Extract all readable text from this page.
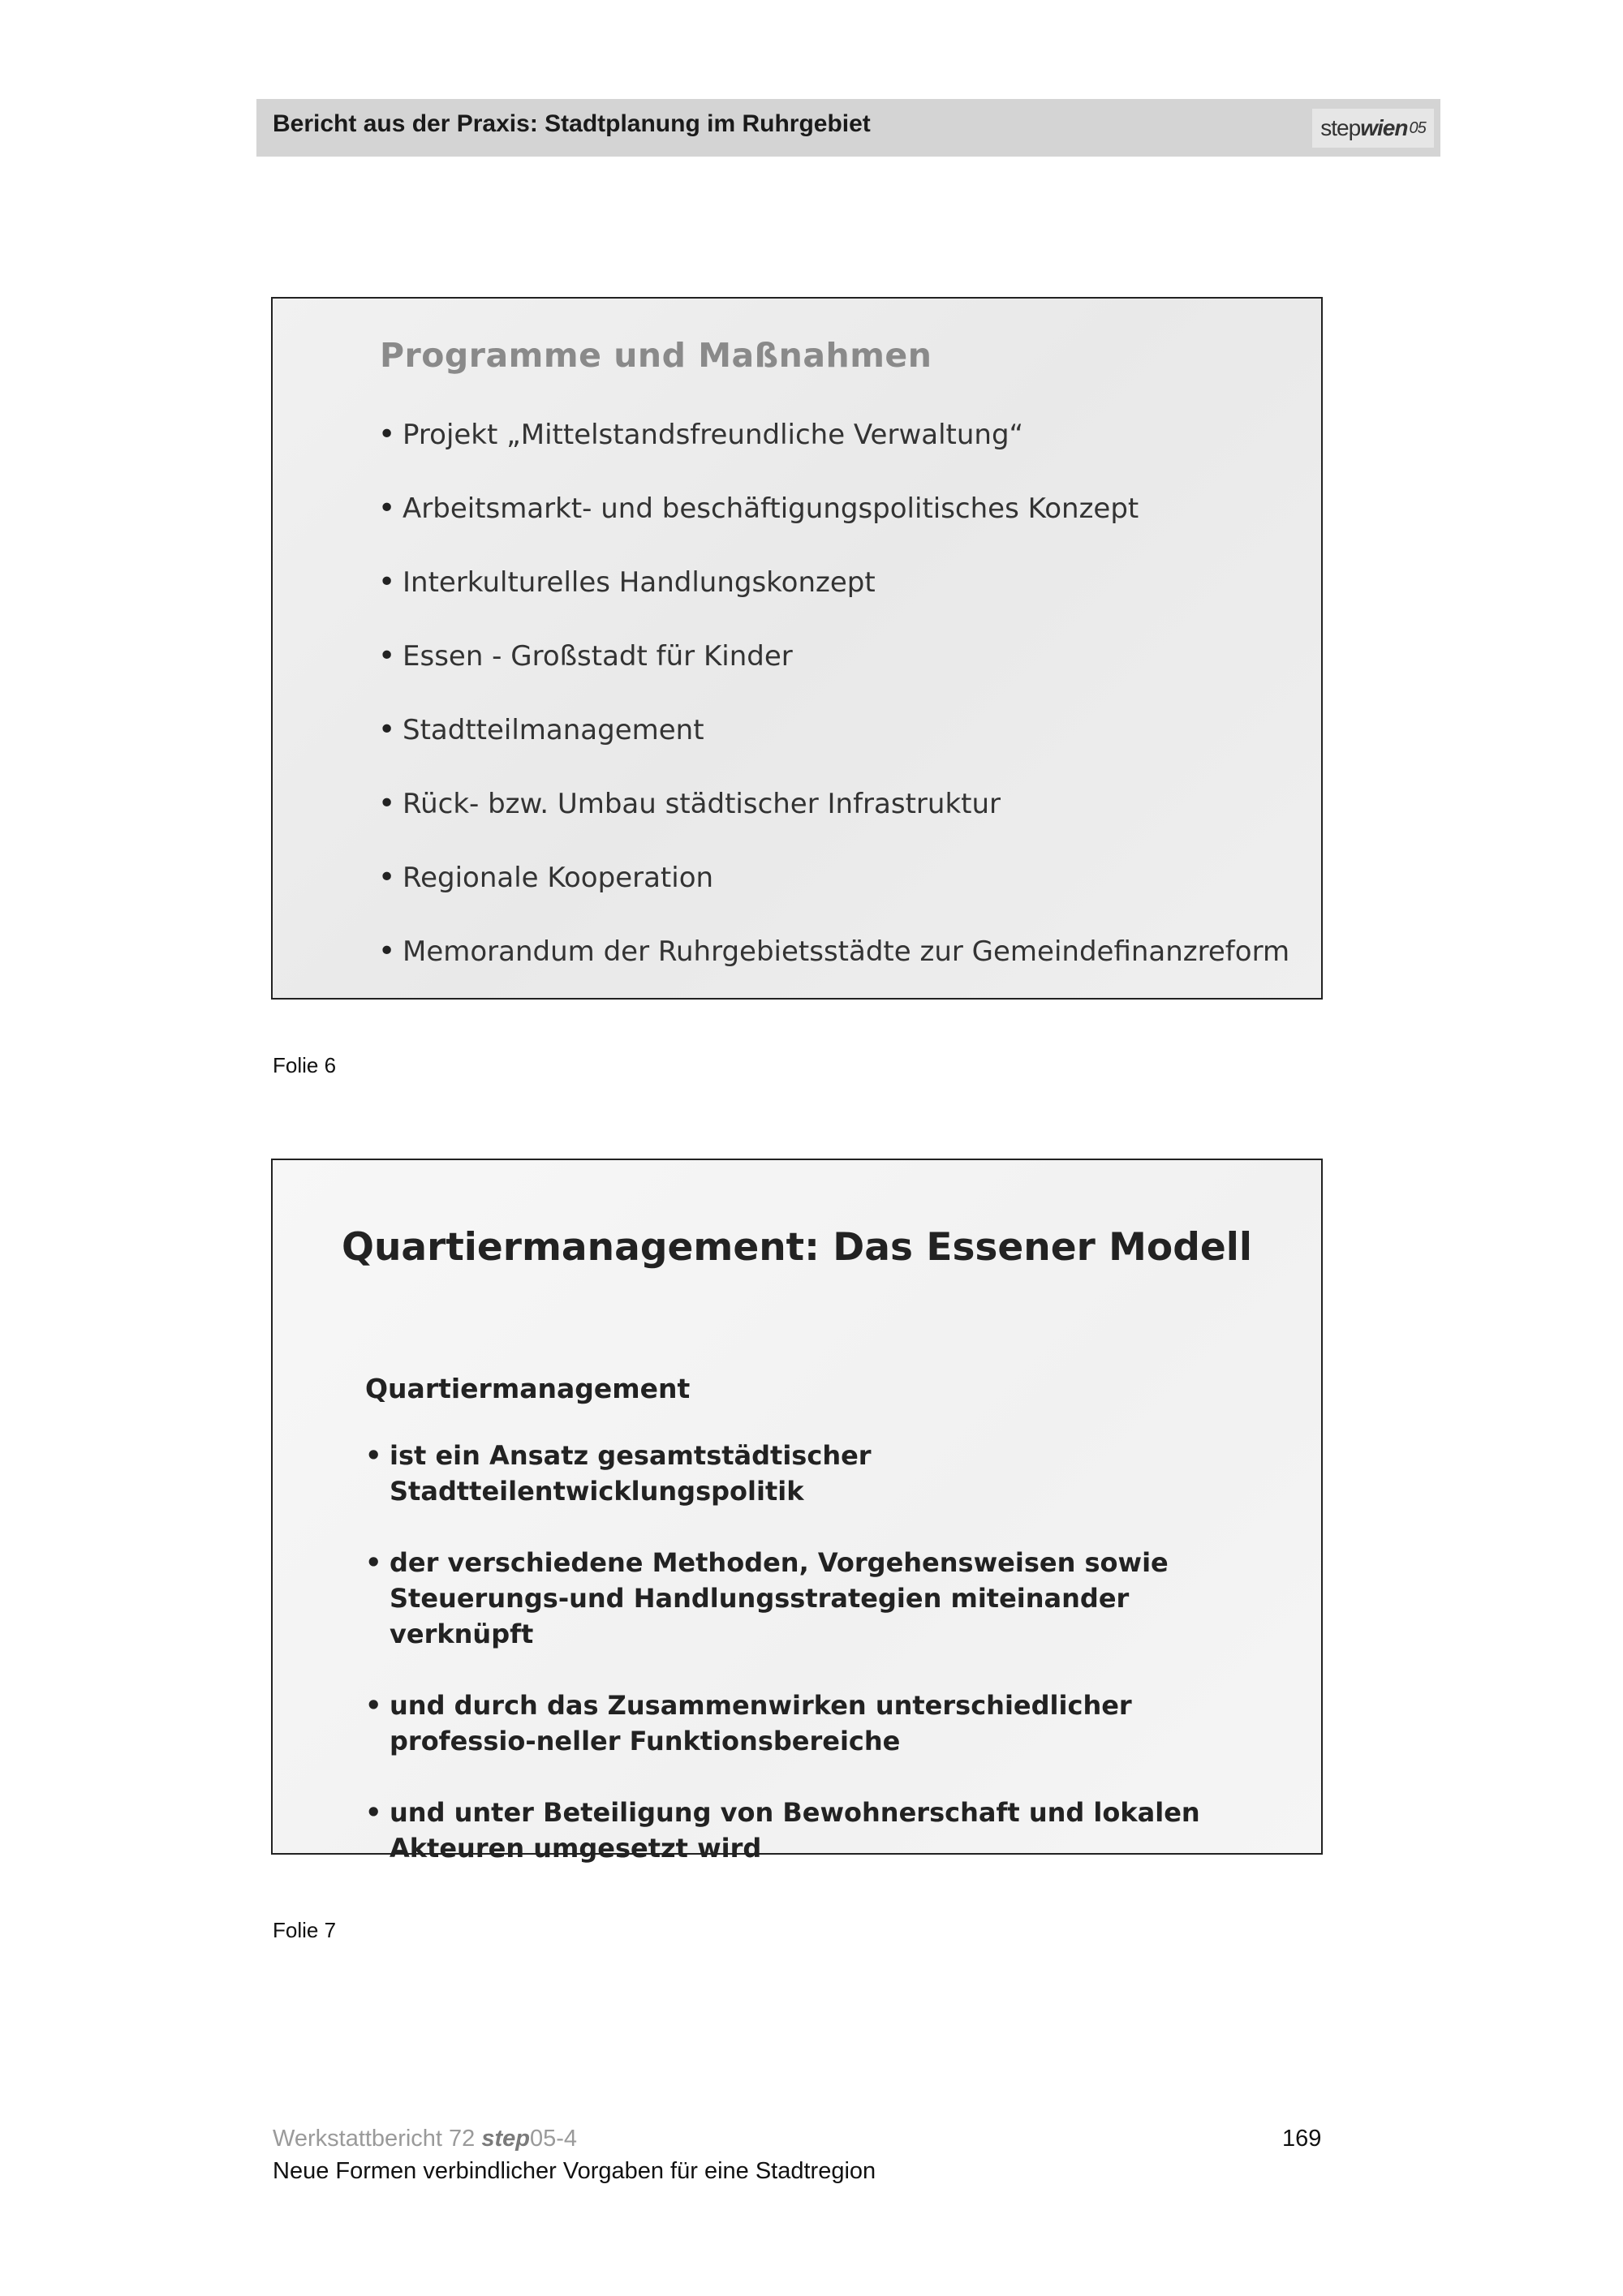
Bericht aus der Praxis: Stadtplanung im Ruhrgebiet	step wien 05
Programme und Maßnahmen
• Projekt „Mittelstandsfreundliche Verwaltung“
• Arbeitsmarkt- und beschäftigungspolitisches Konzept
• Interkulturelles Handlungskonzept
• Essen - Großstadt für Kinder
• Stadtteilmanagement
• Rück- bzw. Umbau städtischer Infrastruktur
• Regionale Kooperation
• Memorandum der Ruhrgebietsstädte zur Gemeindefinanzreform
Folie 6
Quartiermanagement: Das Essener Modell
Quartiermanagement
• ist ein Ansatz gesamtstädtischer Stadtteilentwicklungspolitik
• der verschiedene Methoden, Vorgehensweisen sowie Steuerungs-und Handlungsstrategien miteinander verknüpft
• und durch das Zusammenwirken unterschiedlicher professio-neller Funktionsbereiche
• und unter Beteiligung von Bewohnerschaft und lokalen Akteuren umgesetzt wird
Folie 7
Werkstattbericht 72 step05-4
Neue Formen verbindlicher Vorgaben für eine Stadtregion
169
